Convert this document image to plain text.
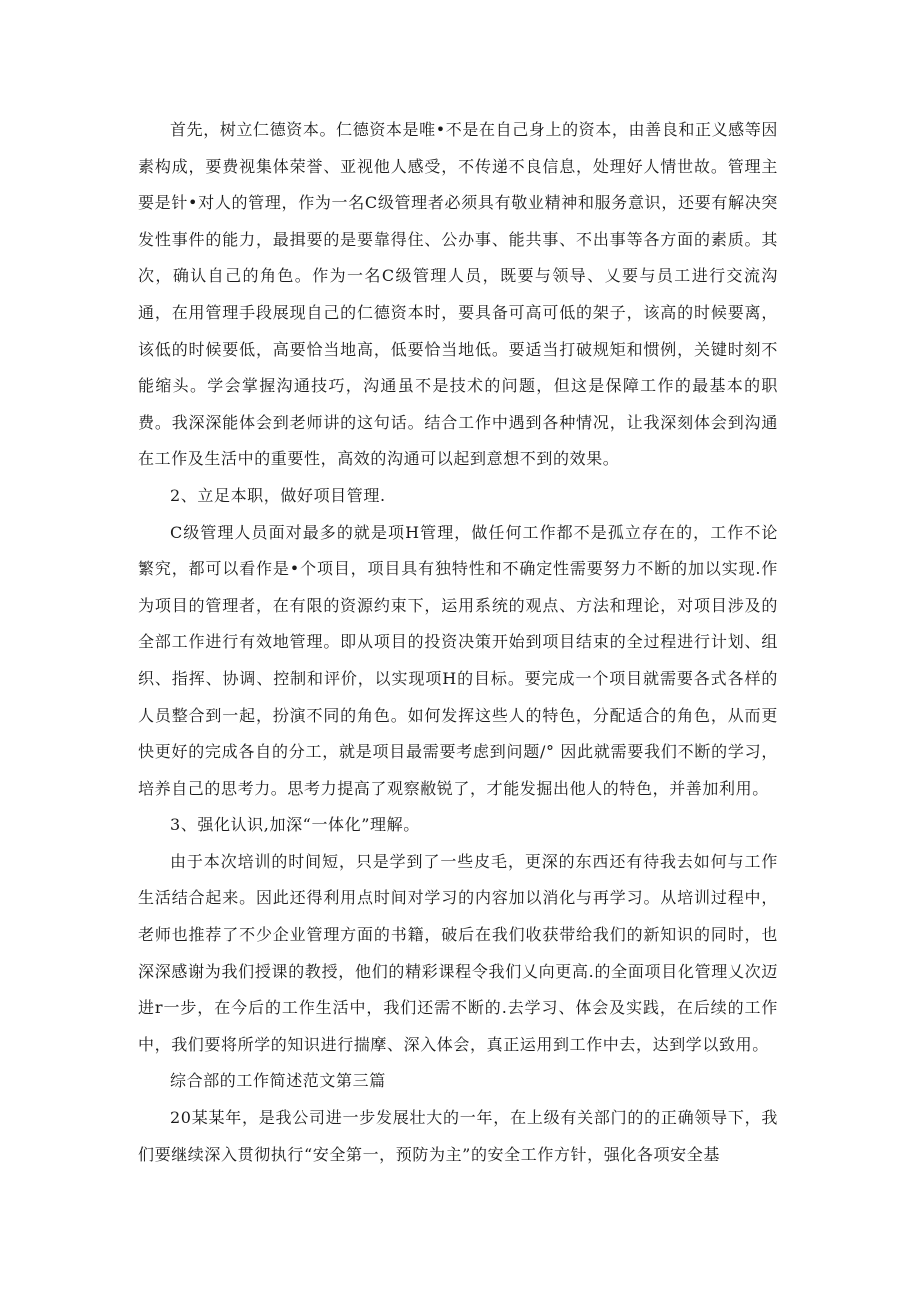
首先，树立仁德资本。仁德资本是唯•不是在自己身上的资本，由善良和正义感等因素构成，要费视集体荣誉、亚视他人感受，不传递不良信息，处理好人情世故。管理主要是针•对人的管理，作为一名C级管理者必须具有敬业精神和服务意识，还要有解决突发性事件的能力，最揖要的是要靠得住、公办事、能共事、不出事等各方面的素质。其次，确认自己的角色。作为一名C级管理人员，既要与领导、乂要与员工进行交流沟通，在用管理手段展现自己的仁德资本时，要具备可高可低的架子，该高的时候要离，该低的时候要低，高要恰当地高，低要恰当地低。要适当打破规矩和惯例，关键时刻不能缩头。学会掌握沟通技巧，沟通虽不是技术的问题，但这是保障工作的最基本的职费。我深深能体会到老师讲的这句话。结合工作中遇到各种情况，让我深刻体会到沟通在工作及生活中的重要性，高效的沟通可以起到意想不到的效果。

2、立足本职，做好项目管理.

C级管理人员面对最多的就是项H管理，做任何工作都不是孤立存在的，工作不论繁究，都可以看作是•个项目，项目具有独特性和不确定性需要努力不断的加以实现.作为项目的管理者，在有限的资源约束下，运用系统的观点、方法和理论，对项目涉及的全部工作进行有效地管理。即从项目的投资决策开始到项目结束的全过程进行计划、组织、指挥、协调、控制和评价，以实现项H的目标。要完成一个项目就需要各式各样的人员整合到一起，扮演不同的角色。如何发挥这些人的特色，分配适合的角色，从而更快更好的完成各自的分工，就是项目最需要考虑到问题/° 因此就需要我们不断的学习，培养自己的思考力。思考力提高了观察敝锐了，才能发掘出他人的特色，并善加利用。

3、强化认识,加深“一体化”理解。

由于本次培训的时间短，只是学到了一些皮毛，更深的东西还有待我去如何与工作生活结合起来。因此还得利用点时间对学习的内容加以消化与再学习。从培训过程中，老师也推荐了不少企业管理方面的书籍，破后在我们收获带给我们的新知识的同时，也深深感谢为我们授课的教授，他们的精彩课程令我们乂向更高.的全面项目化管理乂次迈进r一步，在今后的工作生活中，我们还需不断的.去学习、体会及实践，在后续的工作中，我们要将所学的知识进行揣摩、深入体会，真正运用到工作中去，达到学以致用。

综合部的工作简述范文第三篇

20某某年，是我公司进一步发展壮大的一年，在上级有关部门的的正确领导下，我们要继续深入贯彻执行“安全第一，预防为主”的安全工作方针，强化各项安全基
